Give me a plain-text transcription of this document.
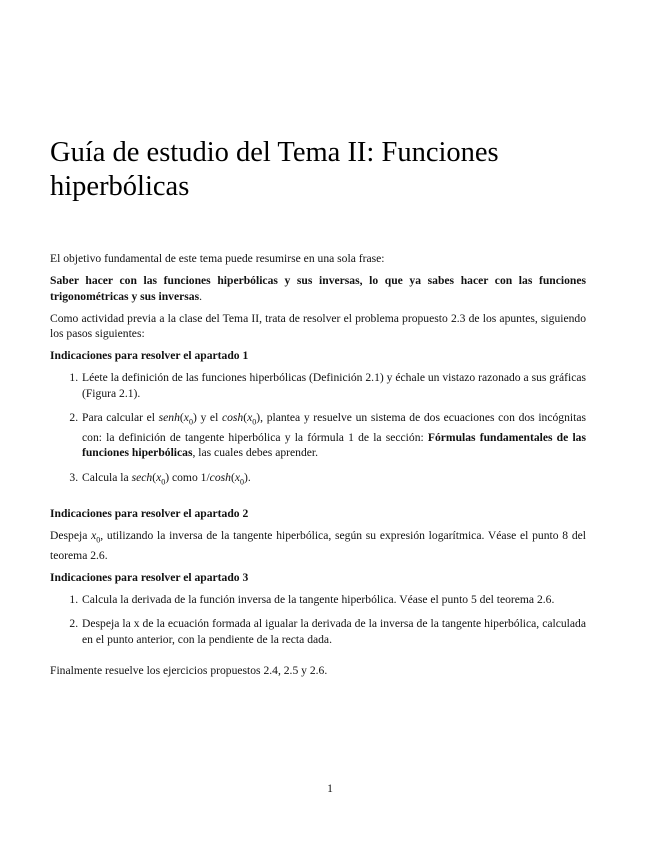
Guía de estudio del Tema II: Funciones hiperbólicas

El objetivo fundamental de este tema puede resumirse en una sola frase:

Saber hacer con las funciones hiperbólicas y sus inversas, lo que ya sabes hacer con las funciones trigonométricas y sus inversas.

Como actividad previa a la clase del Tema II, trata de resolver el problema propuesto 2.3 de los apuntes, siguiendo los pasos siguientes:

Indicaciones para resolver el apartado 1

1. Léete la definición de las funciones hiperbólicas (Definición 2.1) y échale un vistazo razonado a sus gráficas (Figura 2.1).
2. Para calcular el $senh(x_0)$ y el $\cosh(x_0)$, plantea y resuelve un sistema de dos ecuaciones con dos incógnitas con: la definición de tangente hiperbólica y la fórmula 1 de la sección: Fórmulas fundamentales de las funciones hiperbólicas, las cuales debes aprender.
3. Calcula la $\sec h(x_0)$ como $1/\cosh(x_0)$.

Indicaciones para resolver el apartado 2

Despeja $x_0$, utilizando la inversa de la tangente hiperbólica, según su expresión logarítmica. Véase el punto 8 del teorema 2.6.

Indicaciones para resolver el apartado 3

1. Calcula la derivada de la función inversa de la tangente hiperbólica. Véase el punto 5 del teorema 2.6.
2. Despeja la x de la ecuación formada al igualar la derivada de la inversa de la tangente hiperbólica, calculada en el punto anterior, con la pendiente de la recta dada.

Finalmente resuelve los ejercicios propuestos 2.4, 2.5 y 2.6.

1
